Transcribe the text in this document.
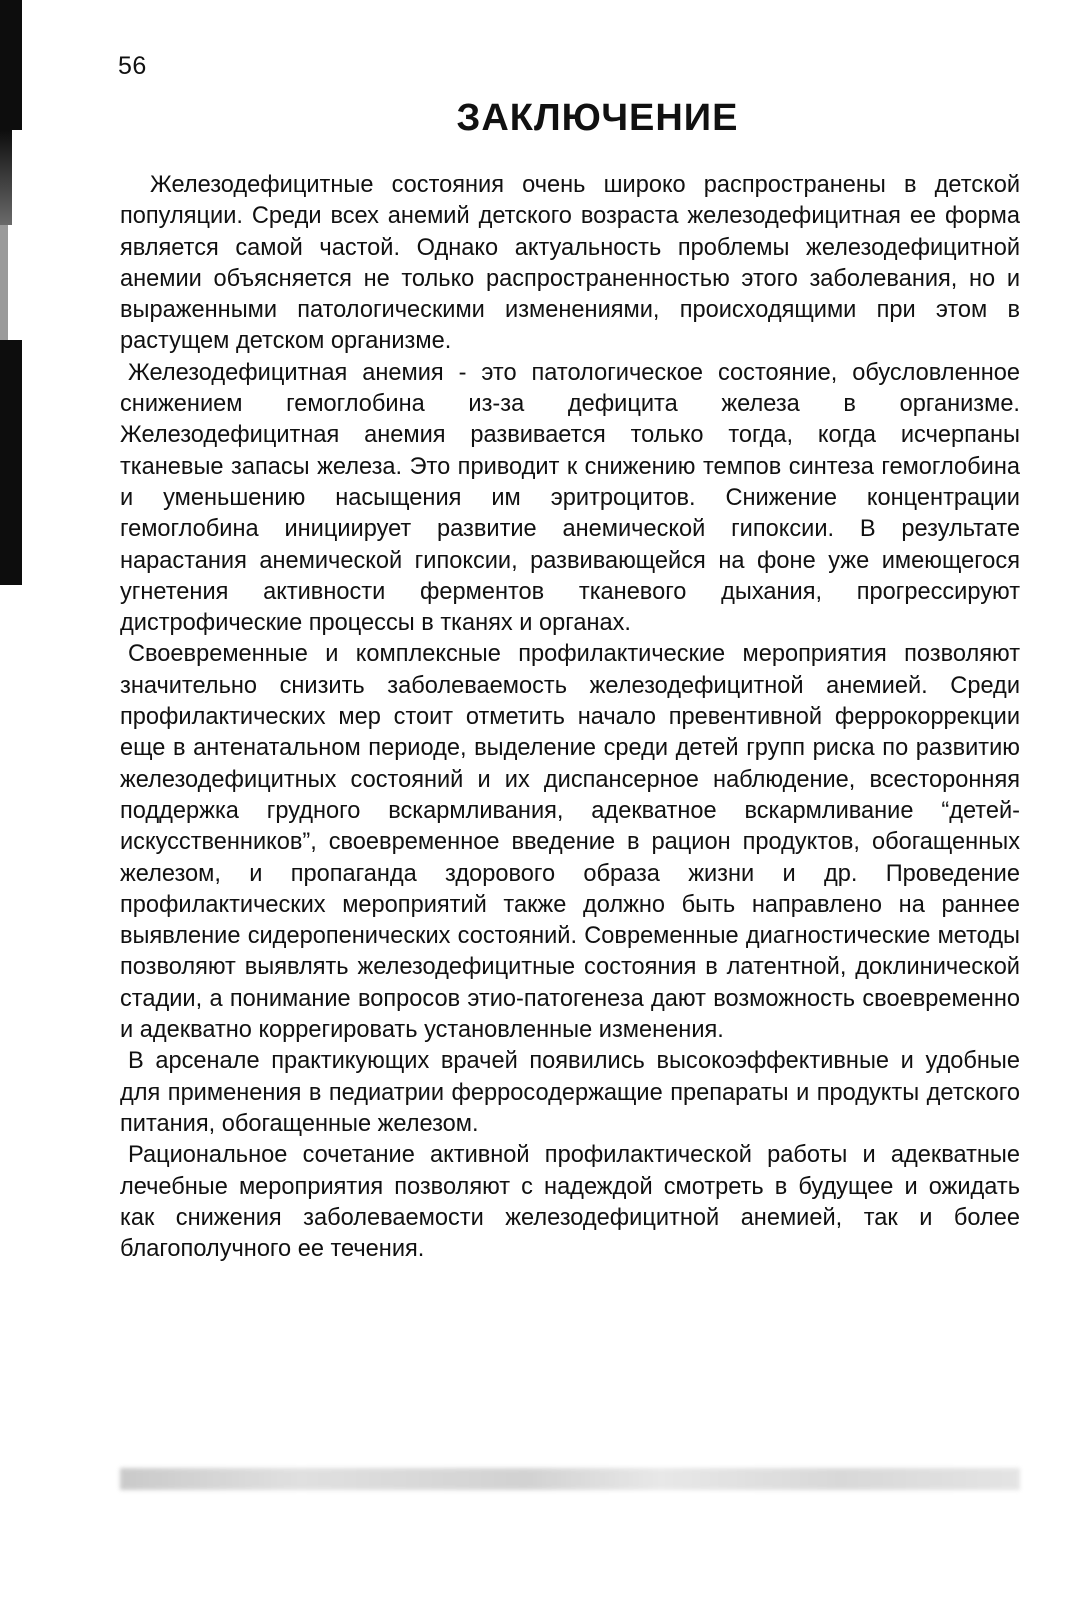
56
ЗАКЛЮЧЕНИЕ

Железодефицитные состояния очень широко распространены в детской популяции. Среди всех анемий детского возраста железодефицитная ее форма является самой частой. Однако актуальность проблемы железодефицитной анемии объясняется не только распространенностью этого заболевания, но и выраженными патологическими изменениями, происходящими при этом в растущем детском организме.

Железодефицитная анемия - это патологическое состояние, обусловленное снижением гемоглобина из-за дефицита железа в организме. Железодефицитная анемия развивается только тогда, когда исчерпаны тканевые запасы железа. Это приводит к снижению темпов синтеза гемоглобина и уменьшению насыщения им эритроцитов. Снижение концентрации гемоглобина инициирует развитие анемической гипоксии. В результате нарастания анемической гипоксии, развивающейся на фоне уже имеющегося угнетения активности ферментов тканевого дыхания, прогрессируют дистрофические процессы в тканях и органах.

Своевременные и комплексные профилактические мероприятия позволяют значительно снизить заболеваемость железодефицитной анемией. Среди профилактических мер стоит отметить начало превентивной феррокоррекции еще в антенатальном периоде, выделение среди детей групп риска по развитию железодефицитных состояний и их диспансерное наблюдение, всесторонняя поддержка грудного вскармливания, адекватное вскармливание “детей-искусственников”, своевременное введение в рацион продуктов, обогащенных железом, и пропаганда здорового образа жизни и др. Проведение профилактических мероприятий также должно быть направлено на раннее выявление сидеропенических состояний. Современные диагностические методы позволяют выявлять железодефицитные состояния в латентной, доклинической стадии, а понимание вопросов этио-патогенеза дают возможность своевременно и адекватно коррегировать установленные изменения.

В арсенале практикующих врачей появились высокоэффективные и удобные для применения в педиатрии ферросодержащие препараты и продукты детского питания, обогащенные железом.

Рациональное сочетание активной профилактической работы и адекватные лечебные мероприятия позволяют с надеждой смотреть в будущее и ожидать как снижения заболеваемости железодефицитной анемией, так и более благополучного ее течения.
